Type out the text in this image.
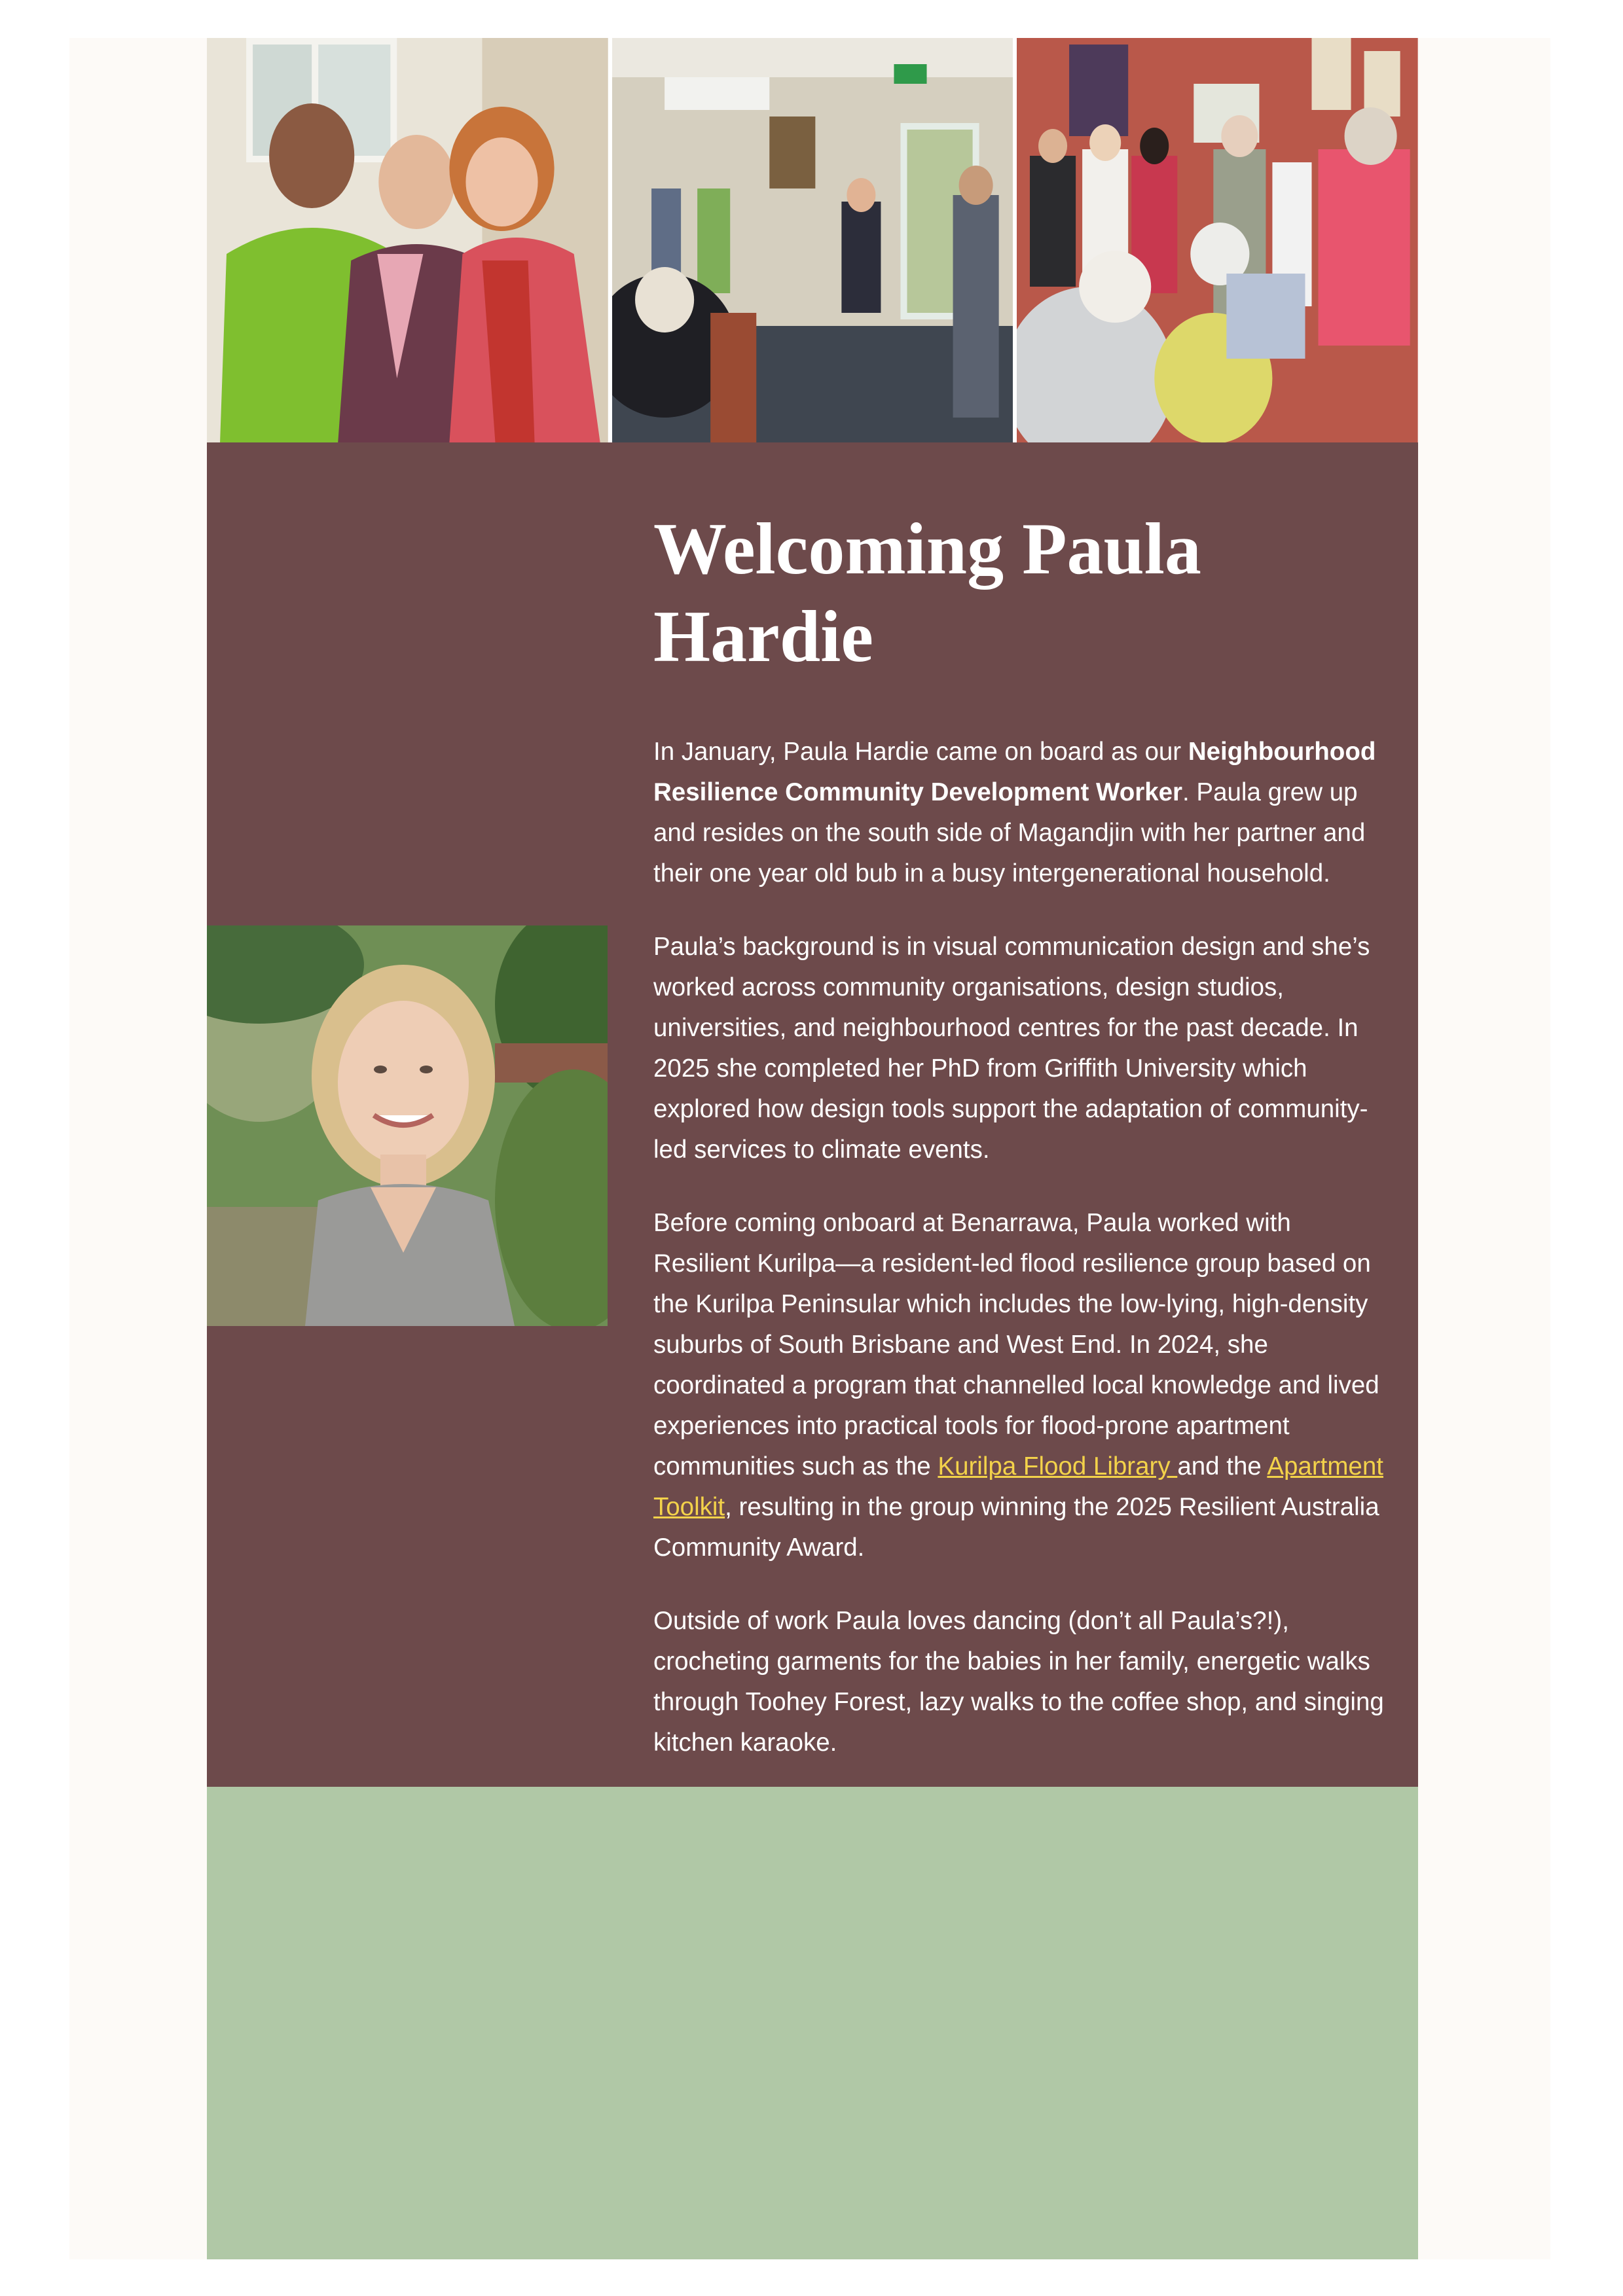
Welcoming Paula Hardie

In January, Paula Hardie came on board as our Neighbourhood Resilience Community Development Worker. Paula grew up and resides on the south side of Magandjin with her partner and their one year old bub in a busy intergenerational household.

Paula’s background is in visual communication design and she’s worked across community organisations, design studios, universities, and neighbourhood centres for the past decade. In 2025 she completed her PhD from Griffith University which explored how design tools support the adaptation of community-led services to climate events.

Before coming onboard at Benarrawa, Paula worked with Resilient Kurilpa—a resident-led flood resilience group based on the Kurilpa Peninsular which includes the low-lying, high-density suburbs of South Brisbane and West End. In 2024, she coordinated a program that channelled local knowledge and lived experiences into practical tools for flood-prone apartment communities such as the Kurilpa Flood Library and the Apartment Toolkit, resulting in the group winning the 2025 Resilient Australia Community Award.

Outside of work Paula loves dancing (don’t all Paula’s?!), crocheting garments for the babies in her family, energetic walks through Toohey Forest, lazy walks to the coffee shop, and singing kitchen karaoke.
